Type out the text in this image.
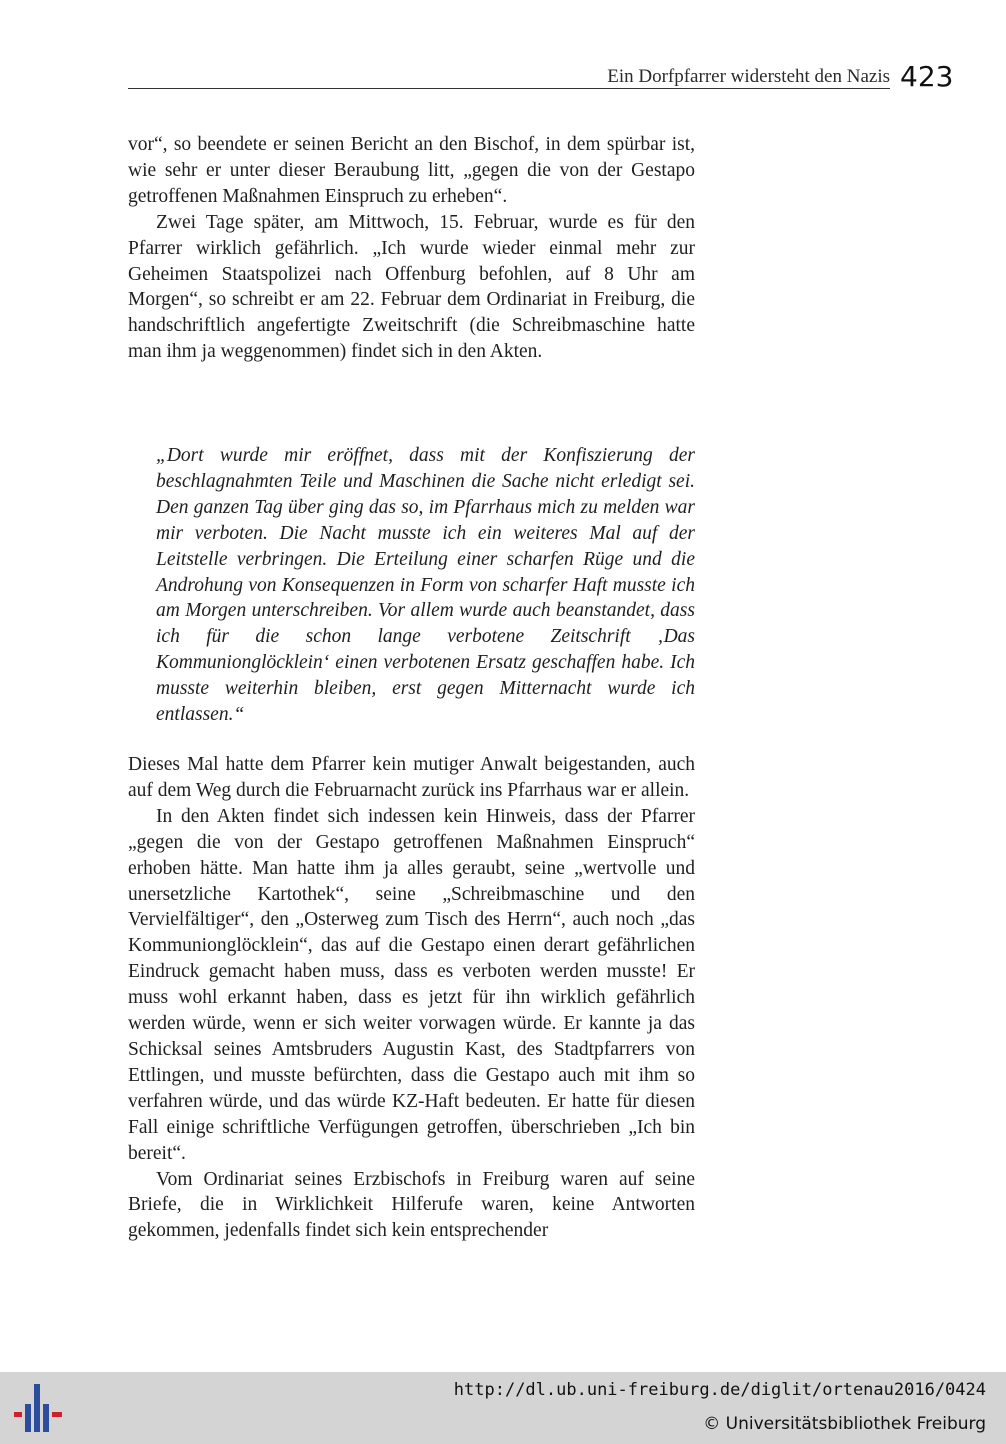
Ein Dorfpfarrer widersteht den Nazis 423

vor“, so beendete er seinen Bericht an den Bischof, in dem spürbar ist, wie sehr er unter dieser Beraubung litt, „gegen die von der Gestapo getroffenen Maßnahmen Einspruch zu erheben“.

Zwei Tage später, am Mittwoch, 15. Februar, wurde es für den Pfarrer wirklich gefährlich. „Ich wurde wieder einmal mehr zur Geheimen Staatspolizei nach Offenburg befohlen, auf 8 Uhr am Morgen“, so schreibt er am 22. Februar dem Ordinariat in Freiburg, die handschriftlich angefertigte Zweitschrift (die Schreibmaschine hatte man ihm ja weggenommen) findet sich in den Akten.

„Dort wurde mir eröffnet, dass mit der Konfiszierung der beschlagnahmten Teile und Maschinen die Sache nicht erledigt sei. Den ganzen Tag über ging das so, im Pfarrhaus mich zu melden war mir verboten. Die Nacht musste ich ein weiteres Mal auf der Leitstelle verbringen. Die Erteilung einer scharfen Rüge und die Androhung von Konsequenzen in Form von scharfer Haft musste ich am Morgen unterschreiben. Vor allem wurde auch beanstandet, dass ich für die schon lange verbotene Zeitschrift ‚Das Kommunionglöcklein‘ einen verbotenen Ersatz geschaffen habe. Ich musste weiterhin bleiben, erst gegen Mitternacht wurde ich entlassen.“

Dieses Mal hatte dem Pfarrer kein mutiger Anwalt beigestanden, auch auf dem Weg durch die Februarnacht zurück ins Pfarrhaus war er allein.

In den Akten findet sich indessen kein Hinweis, dass der Pfarrer „gegen die von der Gestapo getroffenen Maßnahmen Einspruch“ erhoben hätte. Man hatte ihm ja alles geraubt, seine „wertvolle und unersetzliche Kartothek“, seine „Schreibmaschine und den Vervielfältiger“, den „Osterweg zum Tisch des Herrn“, auch noch „das Kommunionglöcklein“, das auf die Gestapo einen derart gefährlichen Eindruck gemacht haben muss, dass es verboten werden musste! Er muss wohl erkannt haben, dass es jetzt für ihn wirklich gefährlich werden würde, wenn er sich weiter vorwagen würde. Er kannte ja das Schicksal seines Amtsbruders Augustin Kast, des Stadtpfarrers von Ettlingen, und musste befürchten, dass die Gestapo auch mit ihm so verfahren würde, und das würde KZ-Haft bedeuten. Er hatte für diesen Fall einige schriftliche Verfügungen getroffen, überschrieben „Ich bin bereit“.

Vom Ordinariat seines Erzbischofs in Freiburg waren auf seine Briefe, die in Wirklichkeit Hilferufe waren, keine Antworten gekommen, jedenfalls findet sich kein entsprechender

http://dl.ub.uni-freiburg.de/diglit/ortenau2016/0424
© Universitätsbibliothek Freiburg
